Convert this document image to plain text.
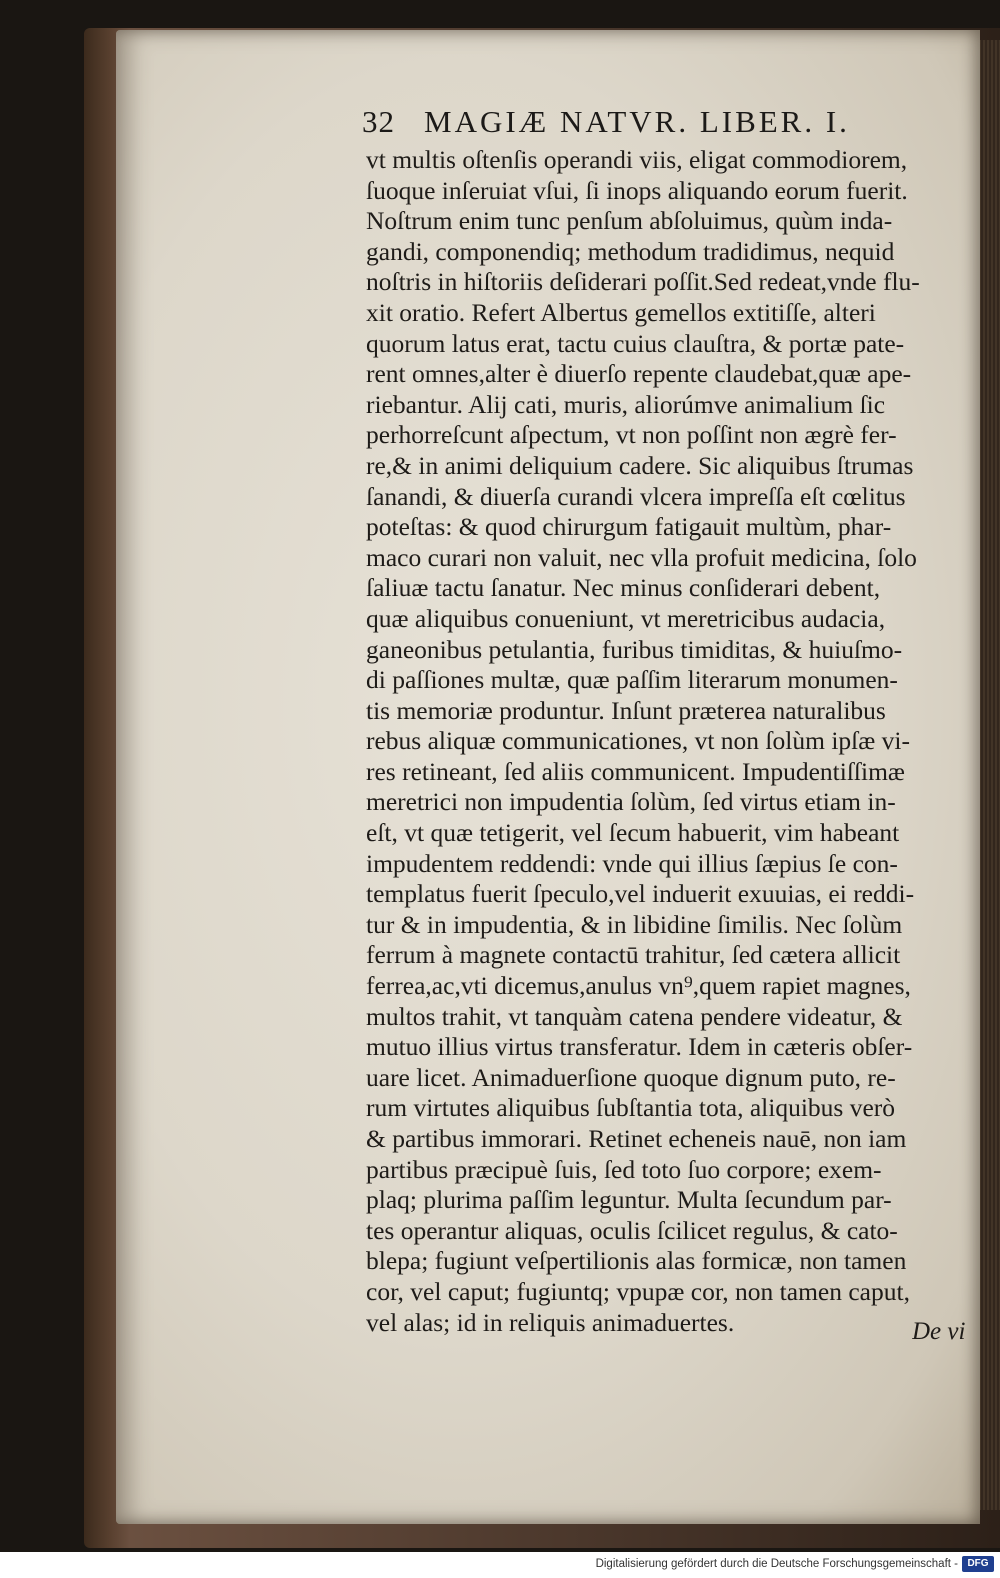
32 MAGIÆ NATVR. LIBER. I.
vt multis oſtenſis operandi viis, eligat commodiorem,
ſuoque inſeruiat vſui, ſi inops aliquando eorum fuerit.
Noſtrum enim tunc penſum abſoluimus, quùm inda-
gandi, componendiq; methodum tradidimus, nequid
noſtris in hiſtoriis deſiderari poſſit.Sed redeat,vnde flu-
xit oratio. Refert Albertus gemellos extitiſſe, alteri
quorum latus erat, tactu cuius clauſtra, & portæ pate-
rent omnes,alter è diuerſo repente claudebat,quæ ape-
riebantur. Alij cati, muris, aliorúmve animalium ſic
perhorreſcunt aſpectum, vt non poſſint non ægrè fer-
re,& in animi deliquium cadere. Sic aliquibus ſtrumas
ſanandi, & diuerſa curandi vlcera impreſſa eſt cœlitus
poteſtas: & quod chirurgum fatigauit multùm, phar-
maco curari non valuit, nec vlla profuit medicina, ſolo
ſaliuæ tactu ſanatur. Nec minus conſiderari debent,
quæ aliquibus conueniunt, vt meretricibus audacia,
ganeonibus petulantia, furibus timiditas, & huiuſmo-
di paſſiones multæ, quæ paſſim literarum monumen-
tis memoriæ produntur. Inſunt præterea naturalibus
rebus aliquæ communicationes, vt non ſolùm ipſæ vi-
res retineant, ſed aliis communicent. Impudentiſſimæ
meretrici non impudentia ſolùm, ſed virtus etiam in-
eſt, vt quæ tetigerit, vel ſecum habuerit, vim habeant
impudentem reddendi: vnde qui illius ſæpius ſe con-
templatus fuerit ſpeculo,vel induerit exuuias, ei reddi-
tur & in impudentia, & in libidine ſimilis. Nec ſolùm
ferrum à magnete contactū trahitur, ſed cætera allicit
ferrea,ac,vti dicemus,anulus vn⁹,quem rapiet magnes,
multos trahit, vt tanquàm catena pendere videatur, &
mutuo illius virtus transferatur. Idem in cæteris obſer-
uare licet. Animaduerſione quoque dignum puto, re-
rum virtutes aliquibus ſubſtantia tota, aliquibus verò
& partibus immorari. Retinet echeneis nauē, non iam
partibus præcipuè ſuis, ſed toto ſuo corpore; exem-
plaq; plurima paſſim leguntur. Multa ſecundum par-
tes operantur aliquas, oculis ſcilicet regulus, & cato-
blepa; fugiunt veſpertilionis alas formicæ, non tamen
cor, vel caput; fugiuntq; vpupæ cor, non tamen caput,
vel alas; id in reliquis animaduertes.	De vi
Digitalisierung gefördert durch die Deutsche Forschungsgemeinschaft - DFG
